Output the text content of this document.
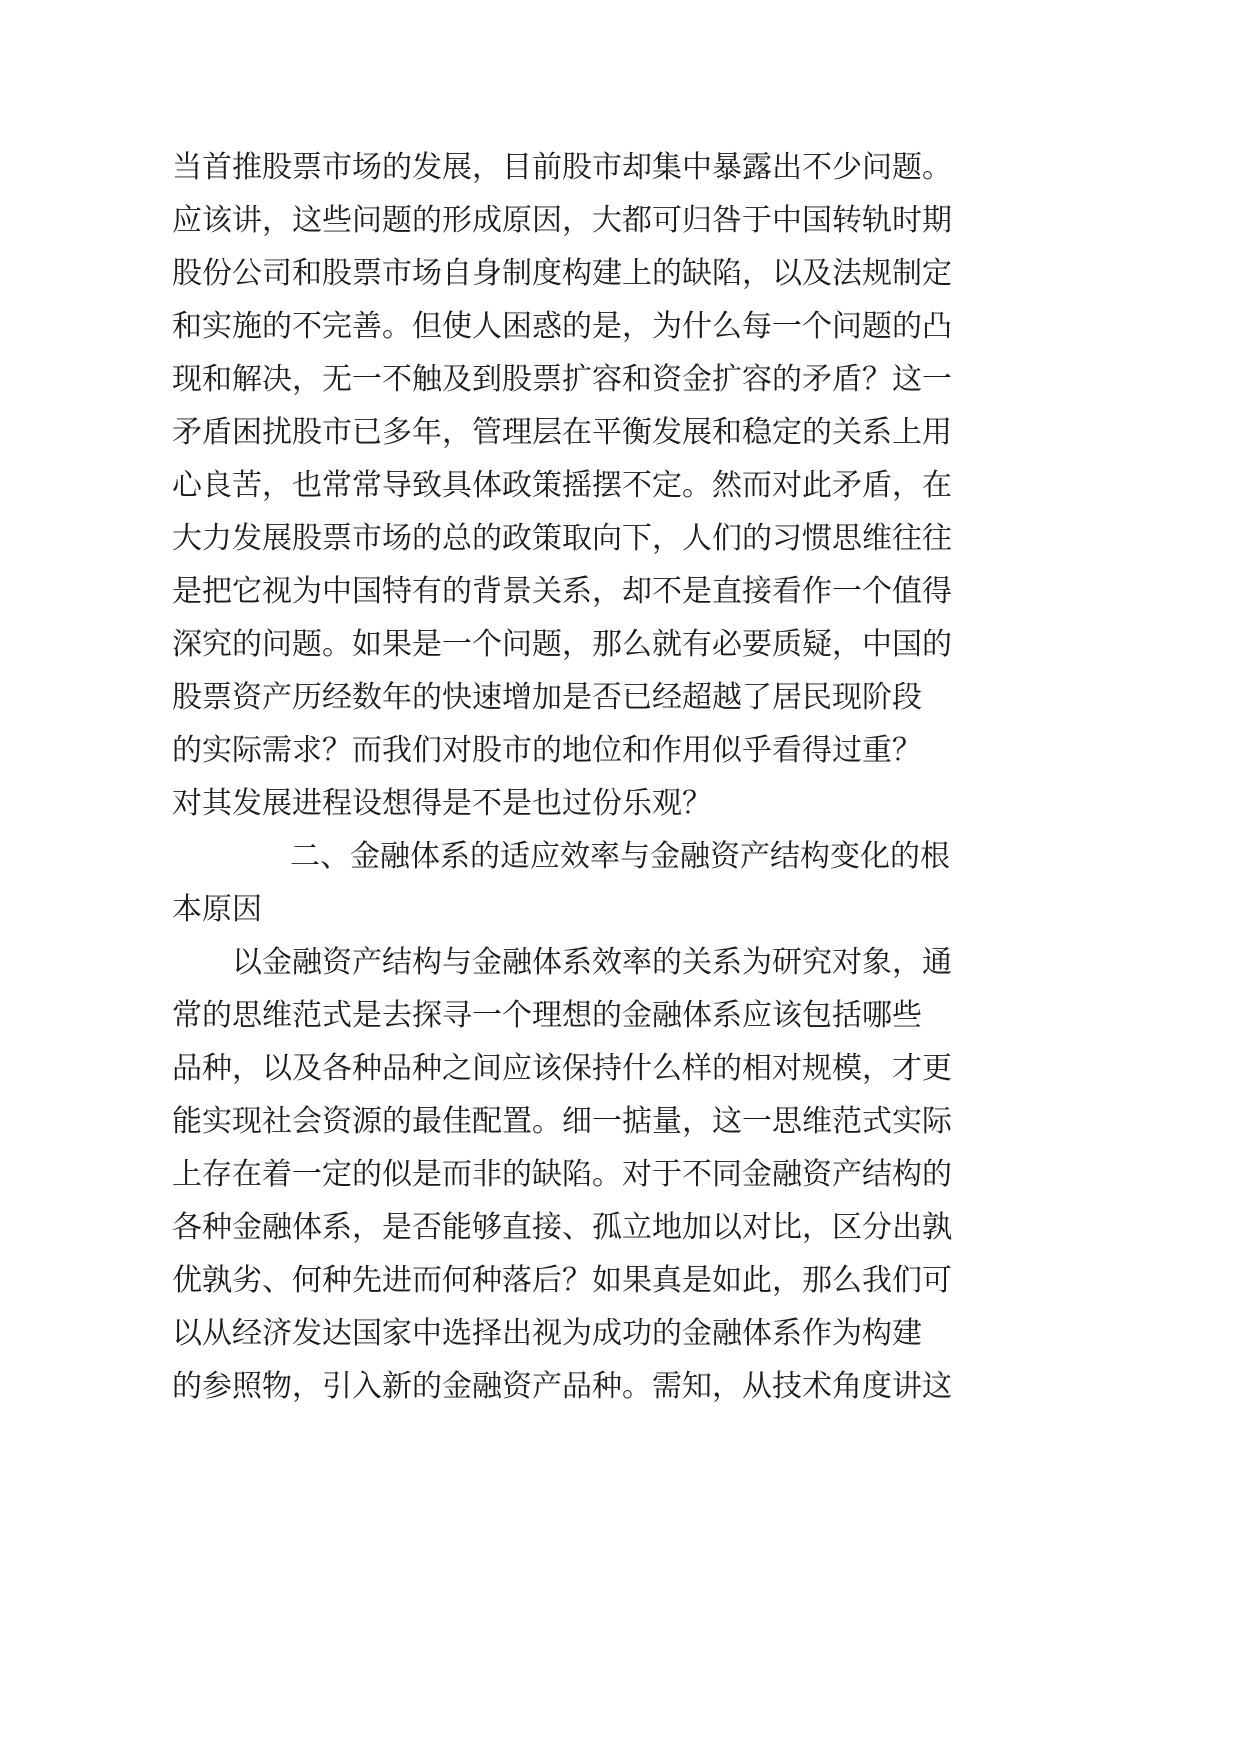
当首推股票市场的发展，目前股市却集中暴露出不少问题。
应该讲，这些问题的形成原因，大都可归咎于中国转轨时期
股份公司和股票市场自身制度构建上的缺陷，以及法规制定
和实施的不完善。但使人困惑的是，为什么每一个问题的凸
现和解决，无一不触及到股票扩容和资金扩容的矛盾？这一
矛盾困扰股市已多年，管理层在平衡发展和稳定的关系上用
心良苦，也常常导致具体政策摇摆不定。然而对此矛盾，在
大力发展股票市场的总的政策取向下，人们的习惯思维往往
是把它视为中国特有的背景关系，却不是直接看作一个值得
深究的问题。如果是一个问题，那么就有必要质疑，中国的
股票资产历经数年的快速增加是否已经超越了居民现阶段
的实际需求？而我们对股市的地位和作用似乎看得过重？
对其发展进程设想得是不是也过份乐观？
二、金融体系的适应效率与金融资产结构变化的根
本原因
以金融资产结构与金融体系效率的关系为研究对象，通
常的思维范式是去探寻一个理想的金融体系应该包括哪些
品种，以及各种品种之间应该保持什么样的相对规模，才更
能实现社会资源的最佳配置。细一掂量，这一思维范式实际
上存在着一定的似是而非的缺陷。对于不同金融资产结构的
各种金融体系，是否能够直接、孤立地加以对比，区分出孰
优孰劣、何种先进而何种落后？如果真是如此，那么我们可
以从经济发达国家中选择出视为成功的金融体系作为构建
的参照物，引入新的金融资产品种。需知，从技术角度讲这
